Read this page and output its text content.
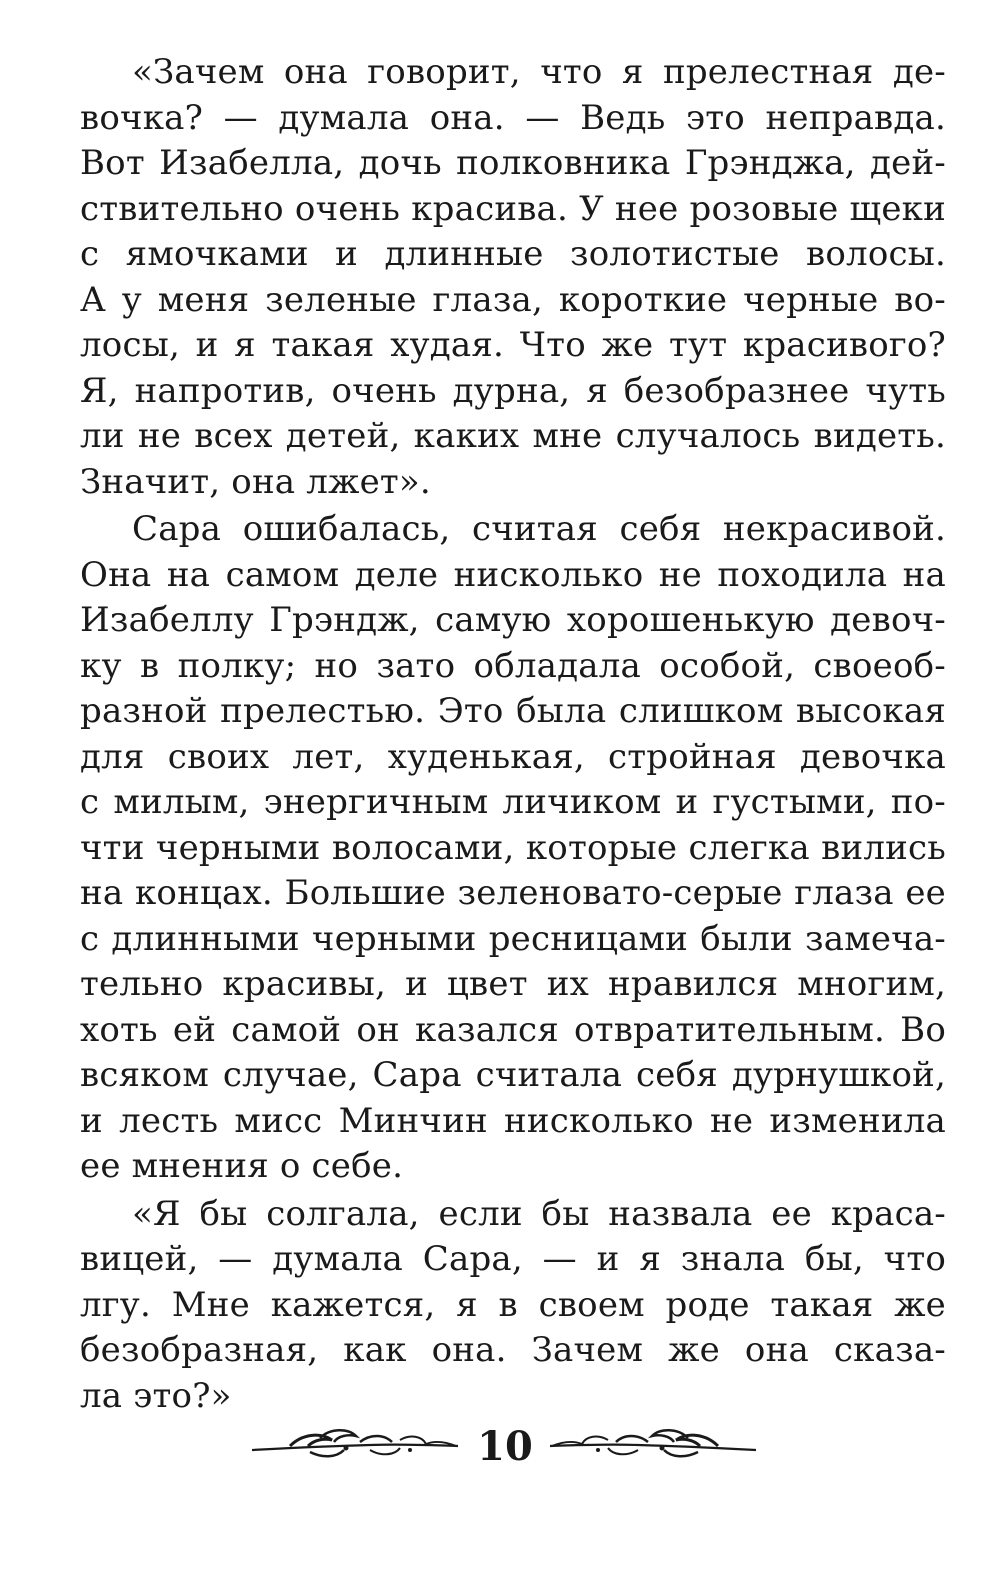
«Зачем она говорит, что я прелестная де-
вочка? — думала она. — Ведь это неправда.
Вот Изабелла, дочь полковника Грэнджа, дей-
ствительно очень красива. У нее розовые щеки
с ямочками и длинные золотистые волосы.
А у меня зеленые глаза, короткие черные во-
лосы, и я такая худая. Что же тут красивого?
Я, напротив, очень дурна, я безобразнее чуть
ли не всех детей, каких мне случалось видеть.
Значит, она лжет».
Сара ошибалась, считая себя некрасивой.
Она на самом деле нисколько не походила на
Изабеллу Грэндж, самую хорошенькую девоч-
ку в полку; но зато обладала особой, своеоб-
разной прелестью. Это была слишком высокая
для своих лет, худенькая, стройная девочка
с милым, энергичным личиком и густыми, по-
чти черными волосами, которые слегка вились
на концах. Большие зеленовато-серые глаза ее
с длинными черными ресницами были замеча-
тельно красивы, и цвет их нравился многим,
хоть ей самой он казался отвратительным. Во
всяком случае, Сара считала себя дурнушкой,
и лесть мисс Минчин нисколько не изменила
ее мнения о себе.
«Я бы солгала, если бы назвала ее краса-
вицей, — думала Сара, — и я знала бы, что
лгу. Мне кажется, я в своем роде такая же
безобразная, как она. Зачем же она сказа-
ла это?»
10
